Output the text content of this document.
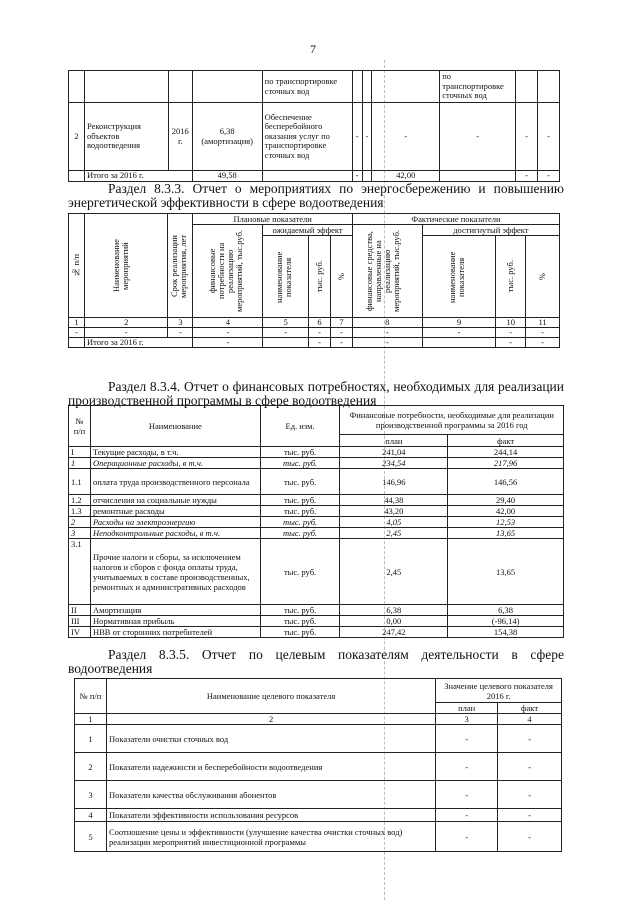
7
				по транспортировке сточных вод				по транспортировке сточных вод		
2	Реконструкция объектов водоотведения	2016 г.	6,38 (амортизация)	Обеспечение бесперебойного оказания услуг по транспортировке сточных вод	-	-	-	-	-	-
	Итого за 2016 г.		49,58		-		42,00		-	-
Раздел 8.3.3. Отчет о мероприятиях по энергосбережению и повышению энергетической эффективности в сфере водоотведения
№ п/п	Наименование мероприятий	Срок реализации мероприятия, лет	Плановые показатели				Фактические показатели			

			финансовые потребности на реализацию мероприятий, тыс.руб.	ожидаемый эффект			финансовые средства, направленные на реализацию мероприятий, тыс.руб.	достигнутый эффект		

				наименование показателя	тыс. руб.	%		наименование показателя	тыс. руб.	%

1	2	3	4	5	6	7	8	9	10	11
-	-	-	-	-	-	-	-	-	-	-
	Итого за 2016 г.		-		-	-	-		-	-
Раздел 8.3.4. Отчет о финансовых потребностях, необходимых для реализации производственной программы в сфере водоотведения
№ п/п	Наименование	Ед. изм.	Финансовые потребности, необходимые для реализации производственной программы за 2016 год	
			план	факт
I	Текущие расходы, в т.ч.	тыс. руб.	241,04	244,14
1	Операционные расходы, в т.ч.	тыс. руб.	234,54	217,96
1.1	оплата труда производственного персонала	тыс. руб.	146,96	146,56
1.2	отчисления на социальные нужды	тыс. руб.	44,38	29,40
1.3	ремонтные расходы	тыс. руб.	43,20	42,00
2	Расходы на электроэнергию	тыс. руб.	4,05	12,53
3	Неподконтрольные расходы, в т.ч.	тыс. руб.	2,45	13,65
3.1	Прочие налоги и сборы, за исключением налогов и сборов с фонда оплаты труда, учитываемых в составе производственных, ремонтных и административных расходов	тыс. руб.	2,45	13,65
II	Амортизация	тыс. руб.	6,38	6,38
III	Нормативная прибыль	тыс. руб.	0,00	(-96,14)
IV	НВВ от сторонних потребителей	тыс. руб.	247,42	154,38
Раздел 8.3.5. Отчет по целевым показателям деятельности в сфере водоотведения
№ п/п	Наименование целевого показателя	Значение целевого показателя 2016 г.	
		план	факт
1	2	3	4
1	Показатели очистки сточных вод	-	-
2	Показатели надежности и бесперебойности водоотведения	-	-
3	Показатели качества обслуживания абонентов	-	-
4	Показатели эффективности использования ресурсов	-	-
5	Соотношение цены и эффективности (улучшение качества очистки сточных вод) реализации мероприятий инвестиционной программы	-	-
